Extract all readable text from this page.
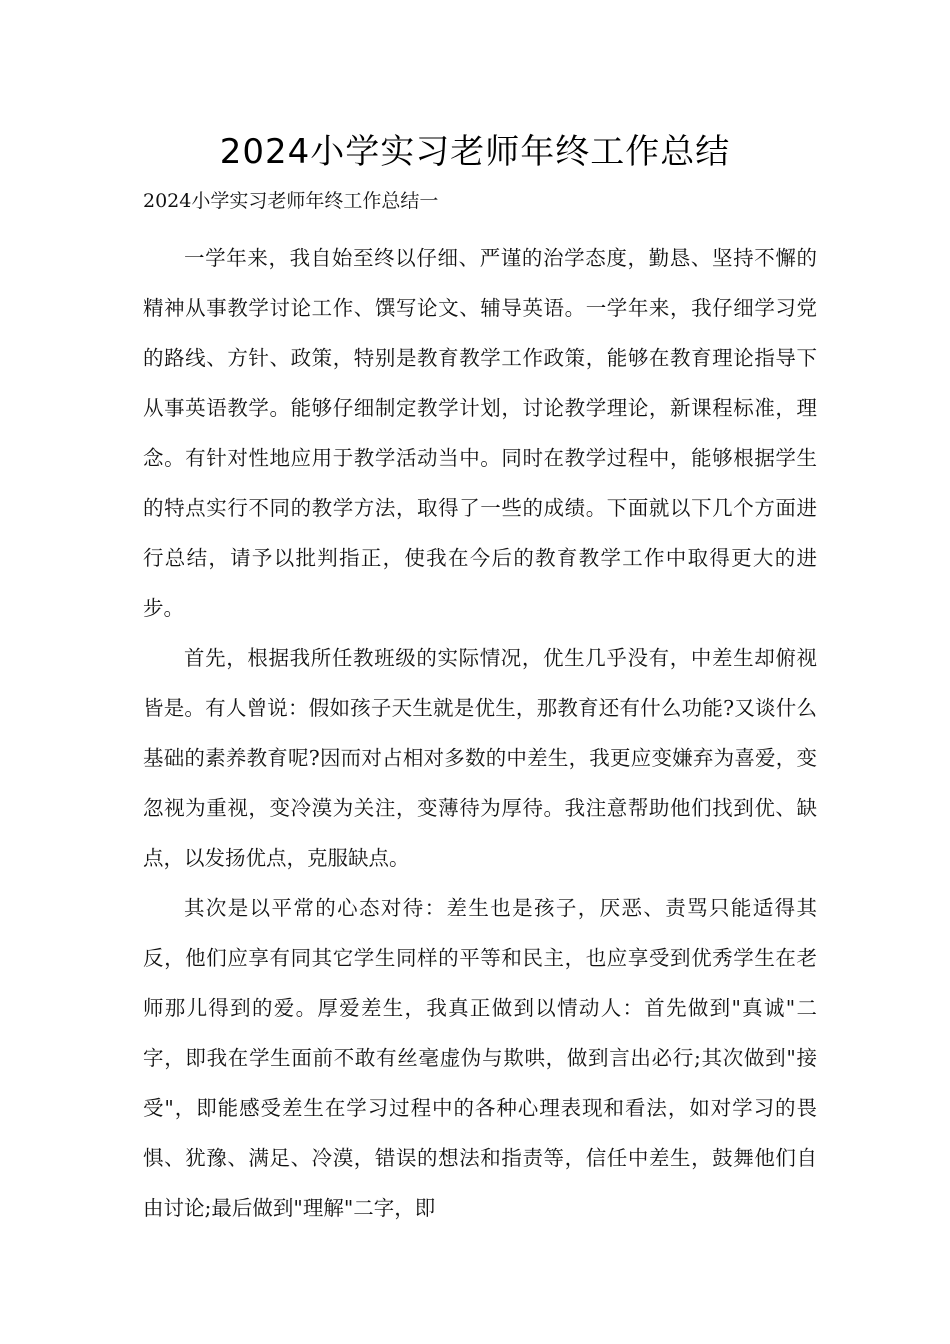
2024小学实习老师年终工作总结
2024小学实习老师年终工作总结一

一学年来，我自始至终以仔细、严谨的治学态度，勤恳、坚持不懈的精神从事教学讨论工作、馔写论文、辅导英语。一学年来，我仔细学习党的路线、方针、政策，特别是教育教学工作政策，能够在教育理论指导下从事英语教学。能够仔细制定教学计划，讨论教学理论，新课程标准，理念。有针对性地应用于教学活动当中。同时在教学过程中，能够根据学生的特点实行不同的教学方法，取得了一些的成绩。下面就以下几个方面进行总结，请予以批判指正，使我在今后的教育教学工作中取得更大的进步。

首先，根据我所任教班级的实际情况，优生几乎没有，中差生却俯视皆是。有人曾说：假如孩子天生就是优生，那教育还有什么功能?又谈什么基础的素养教育呢?因而对占相对多数的中差生，我更应变嫌弃为喜爱，变忽视为重视，变冷漠为关注，变薄待为厚待。我注意帮助他们找到优、缺点，以发扬优点，克服缺点。

其次是以平常的心态对待：差生也是孩子，厌恶、责骂只能适得其反，他们应享有同其它学生同样的平等和民主，也应享受到优秀学生在老师那儿得到的爱。厚爱差生，我真正做到以情动人：首先做到"真诚"二字，即我在学生面前不敢有丝毫虚伪与欺哄，做到言出必行;其次做到"接受"，即能感受差生在学习过程中的各种心理表现和看法，如对学习的畏惧、犹豫、满足、冷漠，错误的想法和指责等，信任中差生，鼓舞他们自由讨论;最后做到"理解"二字，即
